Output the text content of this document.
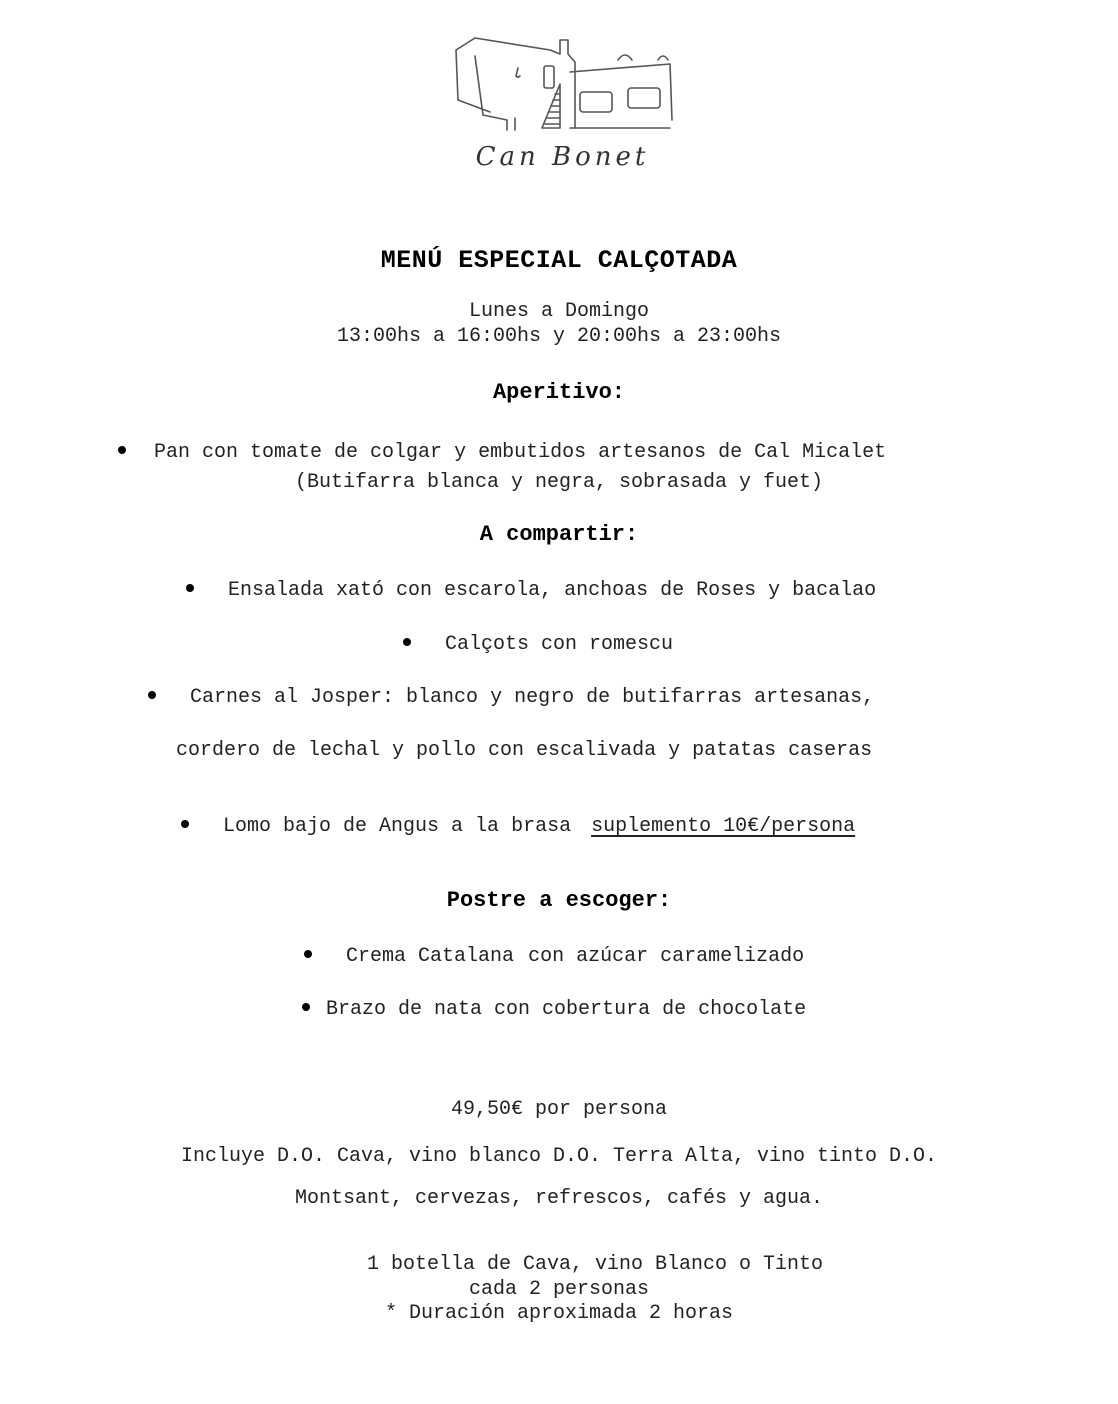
Can Bonet
MENÚ ESPECIAL CALÇOTADA
Lunes a Domingo
13:00hs a 16:00hs y 20:00hs a 23:00hs
Aperitivo:
Pan con tomate de colgar y embutidos artesanos de Cal Micalet
(Butifarra blanca y negra, sobrasada y fuet)
A compartir:
Ensalada xató con escarola, anchoas de Roses y bacalao
Calçots con romescu
Carnes al Josper: blanco y negro de butifarras artesanas,
cordero de lechal y pollo con escalivada y patatas caseras
Lomo bajo de Angus a la brasa suplemento 10€/persona
Postre a escoger:
Crema Catalana con azúcar caramelizado
Brazo de nata con cobertura de chocolate
49,50€ por persona
Incluye D.O. Cava, vino blanco D.O. Terra Alta, vino tinto D.O.
Montsant, cervezas, refrescos, cafés y agua.
1 botella de Cava, vino Blanco o Tinto
cada 2 personas
* Duración aproximada 2 horas
